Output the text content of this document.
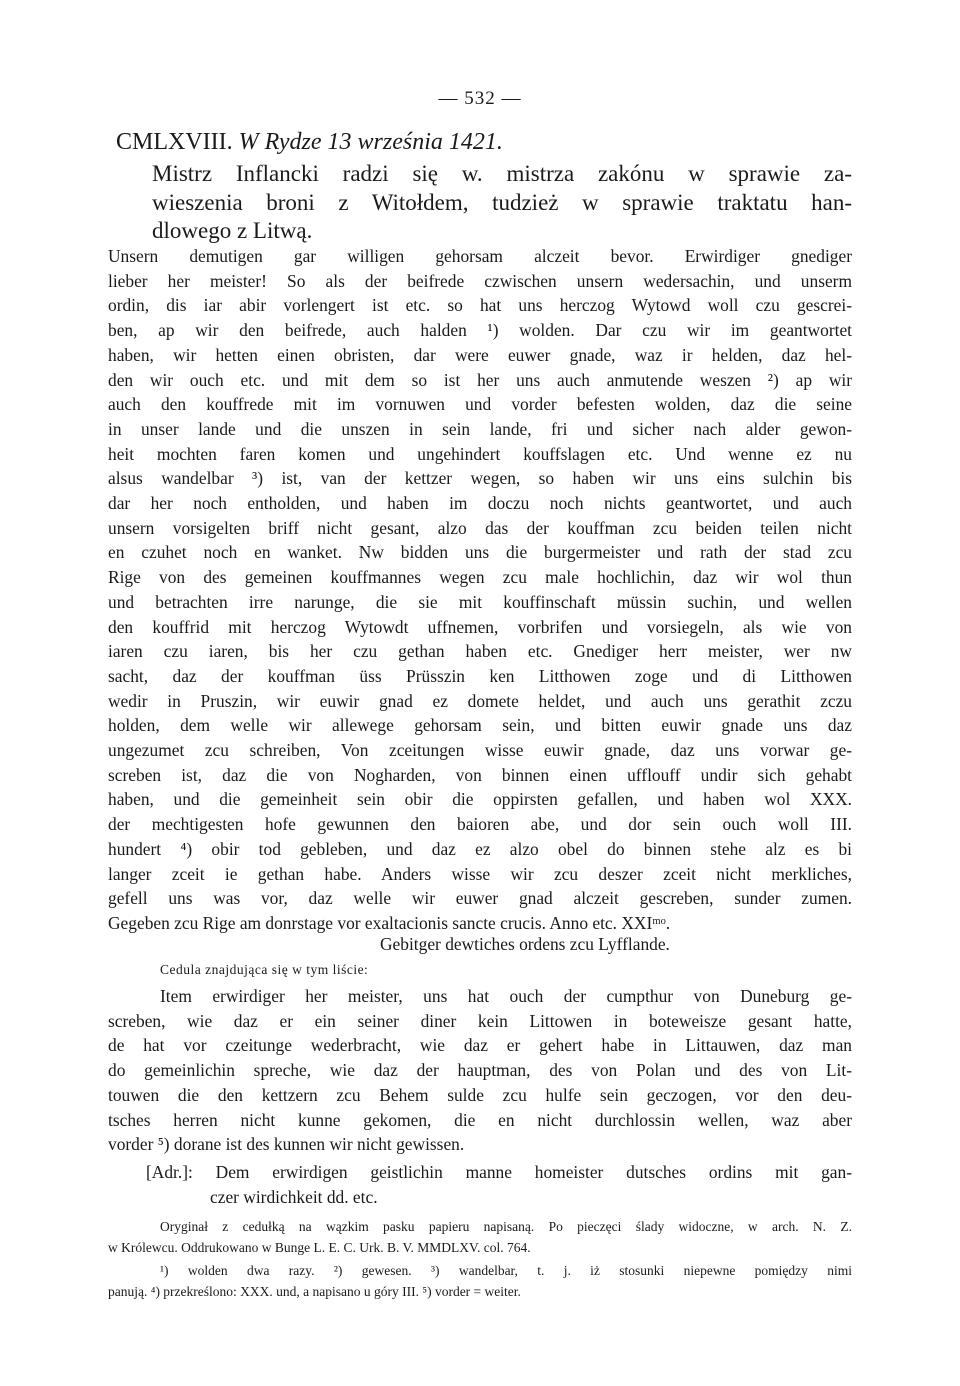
— 532 —
CMLXVIII. W Rydze 13 września 1421.
Mistrz Inflancki radzi się w. mistrza zakónu w sprawie za-
wieszenia broni z Witołdem, tudzież w sprawie traktatu han-
dlowego z Litwą.
Unsern demutigen gar willigen gehorsam alczeit bevor. Erwirdiger gnediger
lieber her meister! So als der beifrede czwischen unsern wedersachin, und unserm
ordin, dis iar abir vorlengert ist etc. so hat uns herczog Wytowd woll czu gescrei-
ben, ap wir den beifrede, auch halden ¹) wolden. Dar czu wir im geantwortet
haben, wir hetten einen obristen, dar were euwer gnade, waz ir helden, daz hel-
den wir ouch etc. und mit dem so ist her uns auch anmutende weszen ²) ap wir
auch den kouffrede mit im vornuwen und vorder befesten wolden, daz die seine
in unser lande und die unszen in sein lande, fri und sicher nach alder gewon-
heit mochten faren komen und ungehindert kouffslagen etc. Und wenne ez nu
alsus wandelbar ³) ist, van der kettzer wegen, so haben wir uns eins sulchin bis
dar her noch entholden, und haben im doczu noch nichts geantwortet, und auch
unsern vorsigelten briff nicht gesant, alzo das der kouffman zcu beiden teilen nicht
en czuhet noch en wanket. Nw bidden uns die burgermeister und rath der stad zcu
Rige von des gemeinen kouffmannes wegen zcu male hochlichin, daz wir wol thun
und betrachten irre narunge, die sie mit kouffinschaft müssin suchin, und wellen
den kouffrid mit herczog Wytowdt uffnemen, vorbrifen und vorsiegeln, als wie von
iaren czu iaren, bis her czu gethan haben etc. Gnediger herr meister, wer nw
sacht, daz der kouffman üss Prüsszin ken Litthowen zoge und di Litthowen
wedir in Pruszin, wir euwir gnad ez domete heldet, und auch uns gerathit zczu
holden, dem welle wir allewege gehorsam sein, und bitten euwir gnade uns daz
ungezumet zcu schreiben, Von zceitungen wisse euwir gnade, daz uns vorwar ge-
screben ist, daz die von Nogharden, von binnen einen ufflouff undir sich gehabt
haben, und die gemeinheit sein obir die oppirsten gefallen, und haben wol XXX.
der mechtigesten hofe gewunnen den baioren abe, und dor sein ouch woll III.
hundert ⁴) obir tod gebleben, und daz ez alzo obel do binnen stehe alz es bi
langer zceit ie gethan habe. Anders wisse wir zcu deszer zceit nicht merkliches,
gefell uns was vor, daz welle wir euwer gnad alczeit gescreben, sunder zumen.
Gegeben zcu Rige am donrstage vor exaltacionis sancte crucis. Anno etc. XXIᵐᵒ.
Gebitger dewtiches ordens zcu Lyfflande.
Cedula znajdująca się w tym liście:
Item erwirdiger her meister, uns hat ouch der cumpthur von Duneburg ge-
screben, wie daz er ein seiner diner kein Littowen in boteweisze gesant hatte,
de hat vor czeitunge wederbracht, wie daz er gehert habe in Littauwen, daz man
do gemeinlichin spreche, wie daz der hauptman, des von Polan und des von Lit-
touwen die den kettzern zcu Behem sulde zcu hulfe sein geczogen, vor den deu-
tsches herren nicht kunne gekomen, die en nicht durchlossin wellen, waz aber
vorder ⁵) dorane ist des kunnen wir nicht gewissen.
[Adr.]: Dem erwirdigen geistlichin manne homeister dutsches ordins mit gan-
czer wirdichkeit dd. etc.
Oryginał z cedułką na wązkim pasku papieru napisaną. Po pieczęci ślady widoczne, w arch. N. Z.
w Królewcu. Oddrukowano w Bunge L. E. C. Urk. B. V. MMDLXV. col. 764.
¹) wolden dwa razy. ²) gewesen. ³) wandelbar, t. j. iż stosunki niepewne pomiędzy nimi
panują. ⁴) przekreślono: XXX. und, a napisano u góry III. ⁵) vorder = weiter.
